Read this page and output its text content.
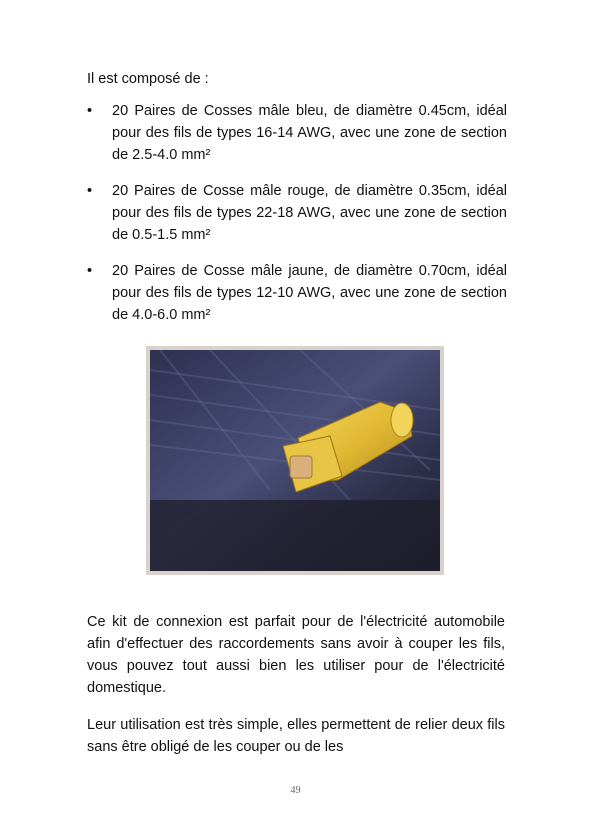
Il est composé de :

• 20 Paires de Cosses mâle bleu, de diamètre 0.45cm, idéal pour des fils de types 16-14 AWG, avec une zone de section de 2.5-4.0 mm²
• 20 Paires de Cosse mâle rouge, de diamètre 0.35cm, idéal pour des fils de types 22-18 AWG, avec une zone de section de 0.5-1.5 mm²
• 20 Paires de Cosse mâle jaune, de diamètre 0.70cm, idéal pour des fils de types 12-10 AWG, avec une zone de section de 4.0-6.0 mm²

Ce kit de connexion est parfait pour de l'électricité automobile afin d'effectuer des raccordements sans avoir à couper les fils, vous pouvez tout aussi bien les utiliser pour de l'électricité domestique.

Leur utilisation est très simple, elles permettent de relier deux fils sans être obligé de les couper ou de les

49
